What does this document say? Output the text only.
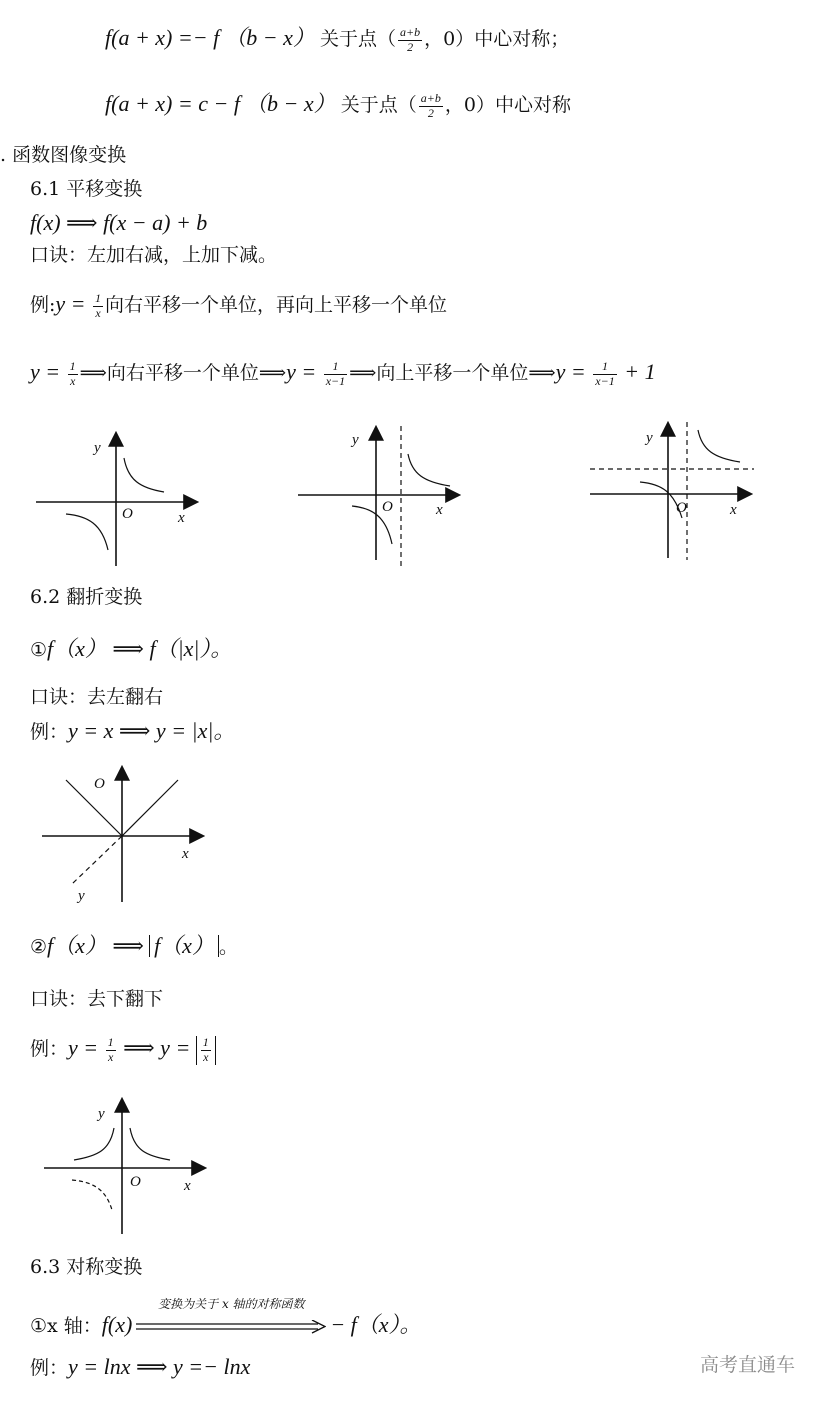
f(a + x) =− f （b − x） 关于点（ $\frac{a+b}{2}$ ，0）中心对称；
f(a + x) = c − f （b − x） 关于点（ $\frac{a+b}{2}$ ，0）中心对称
. 函数图像变换
6.1 平移变换
f(x) ⟹ f(x − a) + b
口诀：左加右减，上加下减。
例:y = $\frac{1}{x}$ 向右平移一个单位，再向上平移一个单位
$y = \frac{1}{x}$ ⟹向右平移一个单位⟹y = $\frac{1}{x-1}$ ⟹向上平移一个单位⟹y = $\frac{1}{x-1} + 1$
y
O	x
y
O	x
y
O	x
6.2 翻折变换
①f（x） ⟹ f（|x|）。
口诀：去左翻右
例：y = x ⟹ y = |x|。
O
x
y
②f（x） ⟹ f（x） 。
口诀：去下翻下
例：$y = \frac{1}{x}$ ⟹ $y = \frac{1}{x}$
y
O	x
6.3 对称变换
①x 轴：f(x)
变换为关于 x 轴的对称函数
− f（x）。
例：y = lnx ⟹ y =− lnx	高考直通车
